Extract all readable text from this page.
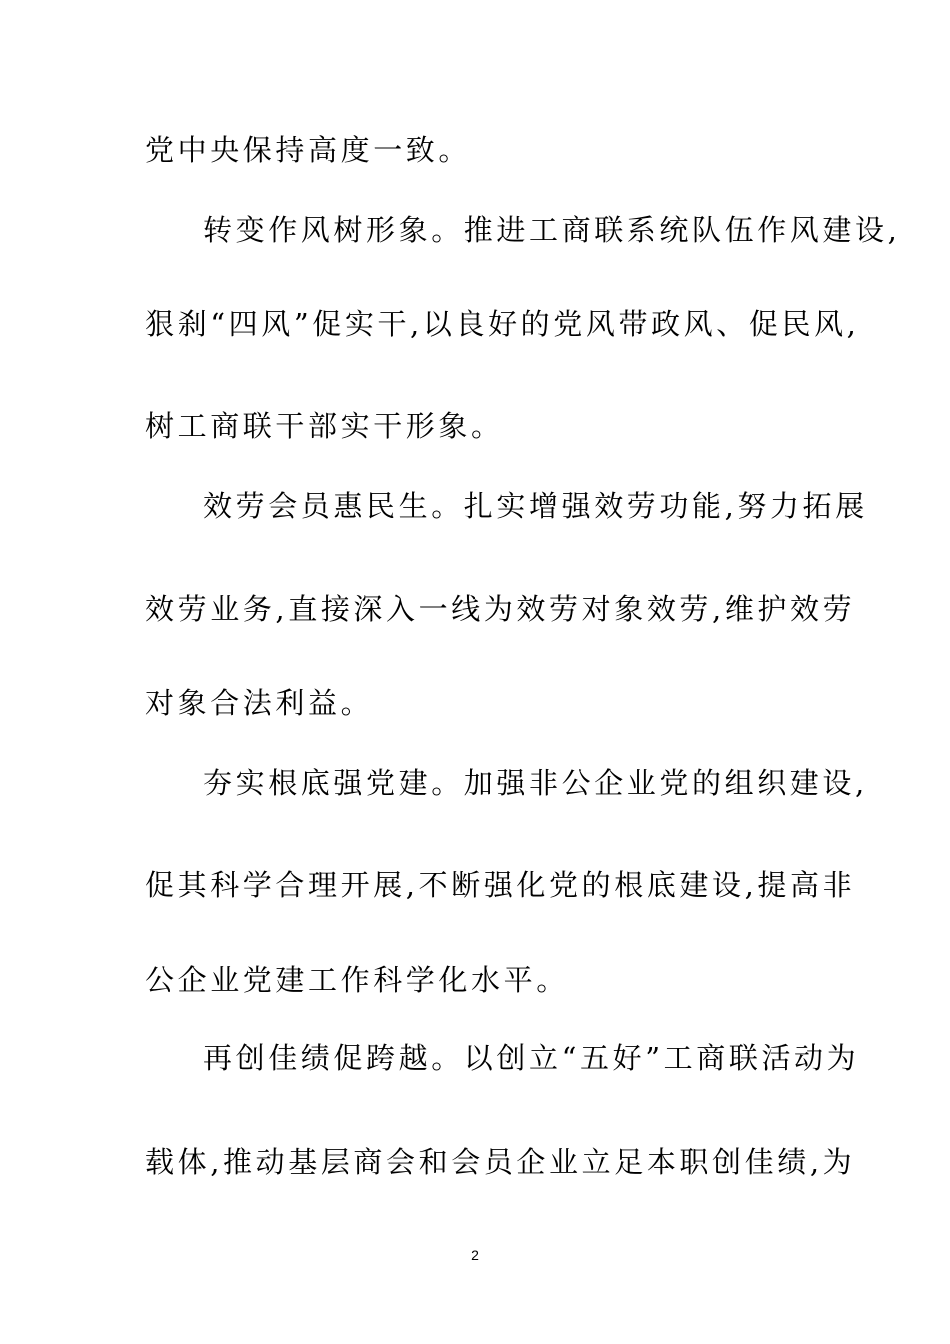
党中央保持高度一致。
转变作风树形象。推进工商联系统队伍作风建设,
狠刹“四风”促实干,以良好的党风带政风、促民风,
树工商联干部实干形象。
效劳会员惠民生。扎实增强效劳功能,努力拓展
效劳业务,直接深入一线为效劳对象效劳,维护效劳
对象合法利益。
夯实根底强党建。加强非公企业党的组织建设,
促其科学合理开展,不断强化党的根底建设,提高非
公企业党建工作科学化水平。
再创佳绩促跨越。以创立“五好”工商联活动为
载体,推动基层商会和会员企业立足本职创佳绩,为
2
